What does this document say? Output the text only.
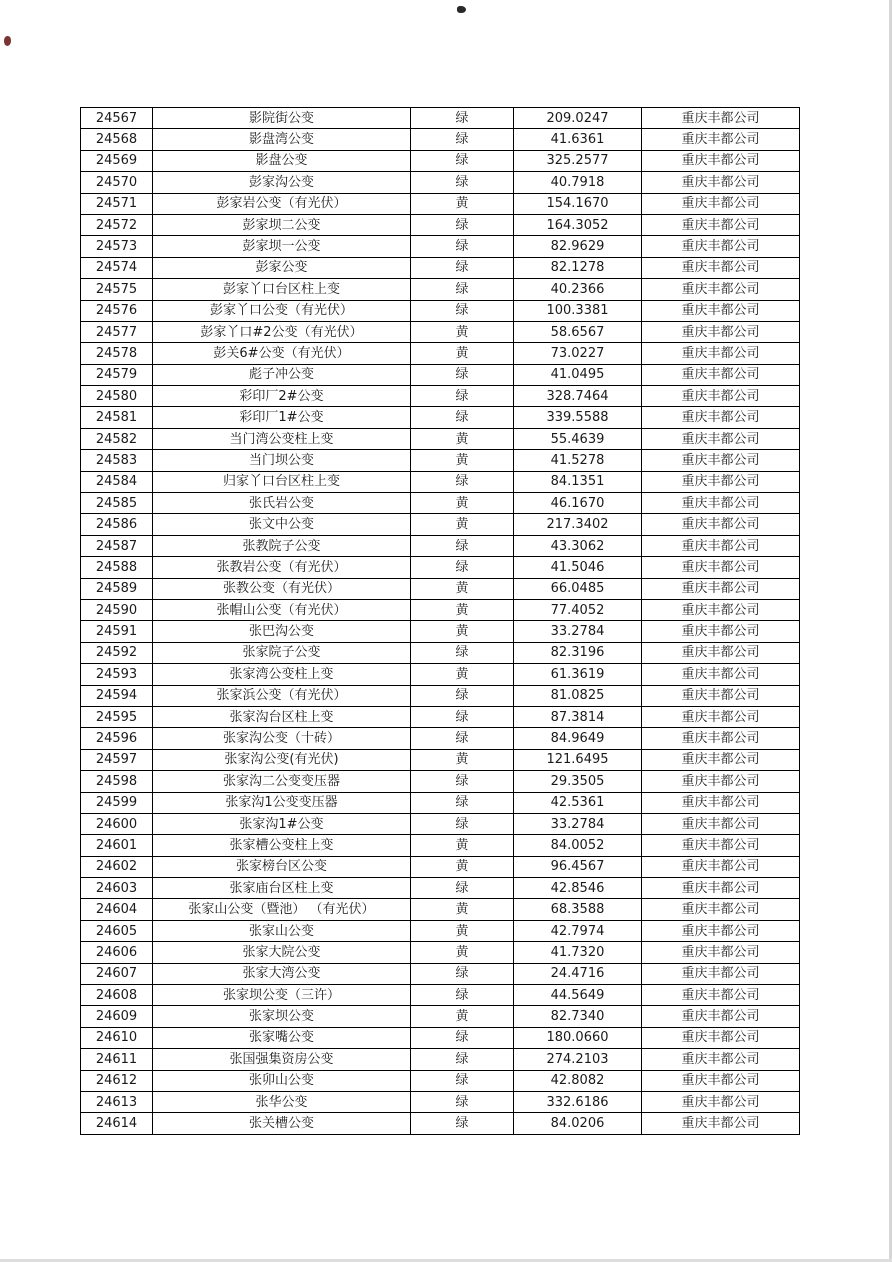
24567	影院街公变	绿	209.0247	重庆丰都公司
24568	影盘湾公变	绿	41.6361	重庆丰都公司
24569	影盘公变	绿	325.2577	重庆丰都公司
24570	彭家沟公变	绿	40.7918	重庆丰都公司
24571	彭家岩公变（有光伏）	黄	154.1670	重庆丰都公司
24572	彭家坝二公变	绿	164.3052	重庆丰都公司
24573	彭家坝一公变	绿	82.9629	重庆丰都公司
24574	彭家公变	绿	82.1278	重庆丰都公司
24575	彭家丫口台区柱上变	绿	40.2366	重庆丰都公司
24576	彭家丫口公变（有光伏）	绿	100.3381	重庆丰都公司
24577	彭家丫口#2公变（有光伏）	黄	58.6567	重庆丰都公司
24578	彭关6#公变（有光伏）	黄	73.0227	重庆丰都公司
24579	彪子冲公变	绿	41.0495	重庆丰都公司
24580	彩印厂2#公变	绿	328.7464	重庆丰都公司
24581	彩印厂1#公变	绿	339.5588	重庆丰都公司
24582	当门湾公变柱上变	黄	55.4639	重庆丰都公司
24583	当门坝公变	黄	41.5278	重庆丰都公司
24584	归家丫口台区柱上变	绿	84.1351	重庆丰都公司
24585	张氏岩公变	黄	46.1670	重庆丰都公司
24586	张文中公变	黄	217.3402	重庆丰都公司
24587	张教院子公变	绿	43.3062	重庆丰都公司
24588	张教岩公变（有光伏）	绿	41.5046	重庆丰都公司
24589	张教公变（有光伏）	黄	66.0485	重庆丰都公司
24590	张帽山公变（有光伏）	黄	77.4052	重庆丰都公司
24591	张巴沟公变	黄	33.2784	重庆丰都公司
24592	张家院子公变	绿	82.3196	重庆丰都公司
24593	张家湾公变柱上变	黄	61.3619	重庆丰都公司
24594	张家浜公变（有光伏）	绿	81.0825	重庆丰都公司
24595	张家沟台区柱上变	绿	87.3814	重庆丰都公司
24596	张家沟公变（十砖）	绿	84.9649	重庆丰都公司
24597	张家沟公变(有光伏)	黄	121.6495	重庆丰都公司
24598	张家沟二公变变压器	绿	29.3505	重庆丰都公司
24599	张家沟1公变变压器	绿	42.5361	重庆丰都公司
24600	张家沟1#公变	绿	33.2784	重庆丰都公司
24601	张家槽公变柱上变	黄	84.0052	重庆丰都公司
24602	张家榜台区公变	黄	96.4567	重庆丰都公司
24603	张家庙台区柱上变	绿	42.8546	重庆丰都公司
24604	张家山公变（暨池） （有光伏）	黄	68.3588	重庆丰都公司
24605	张家山公变	黄	42.7974	重庆丰都公司
24606	张家大院公变	黄	41.7320	重庆丰都公司
24607	张家大湾公变	绿	24.4716	重庆丰都公司
24608	张家坝公变（三许）	绿	44.5649	重庆丰都公司
24609	张家坝公变	黄	82.7340	重庆丰都公司
24610	张家嘴公变	绿	180.0660	重庆丰都公司
24611	张国强集资房公变	绿	274.2103	重庆丰都公司
24612	张卯山公变	绿	42.8082	重庆丰都公司
24613	张华公变	绿	332.6186	重庆丰都公司
24614	张关槽公变	绿	84.0206	重庆丰都公司
